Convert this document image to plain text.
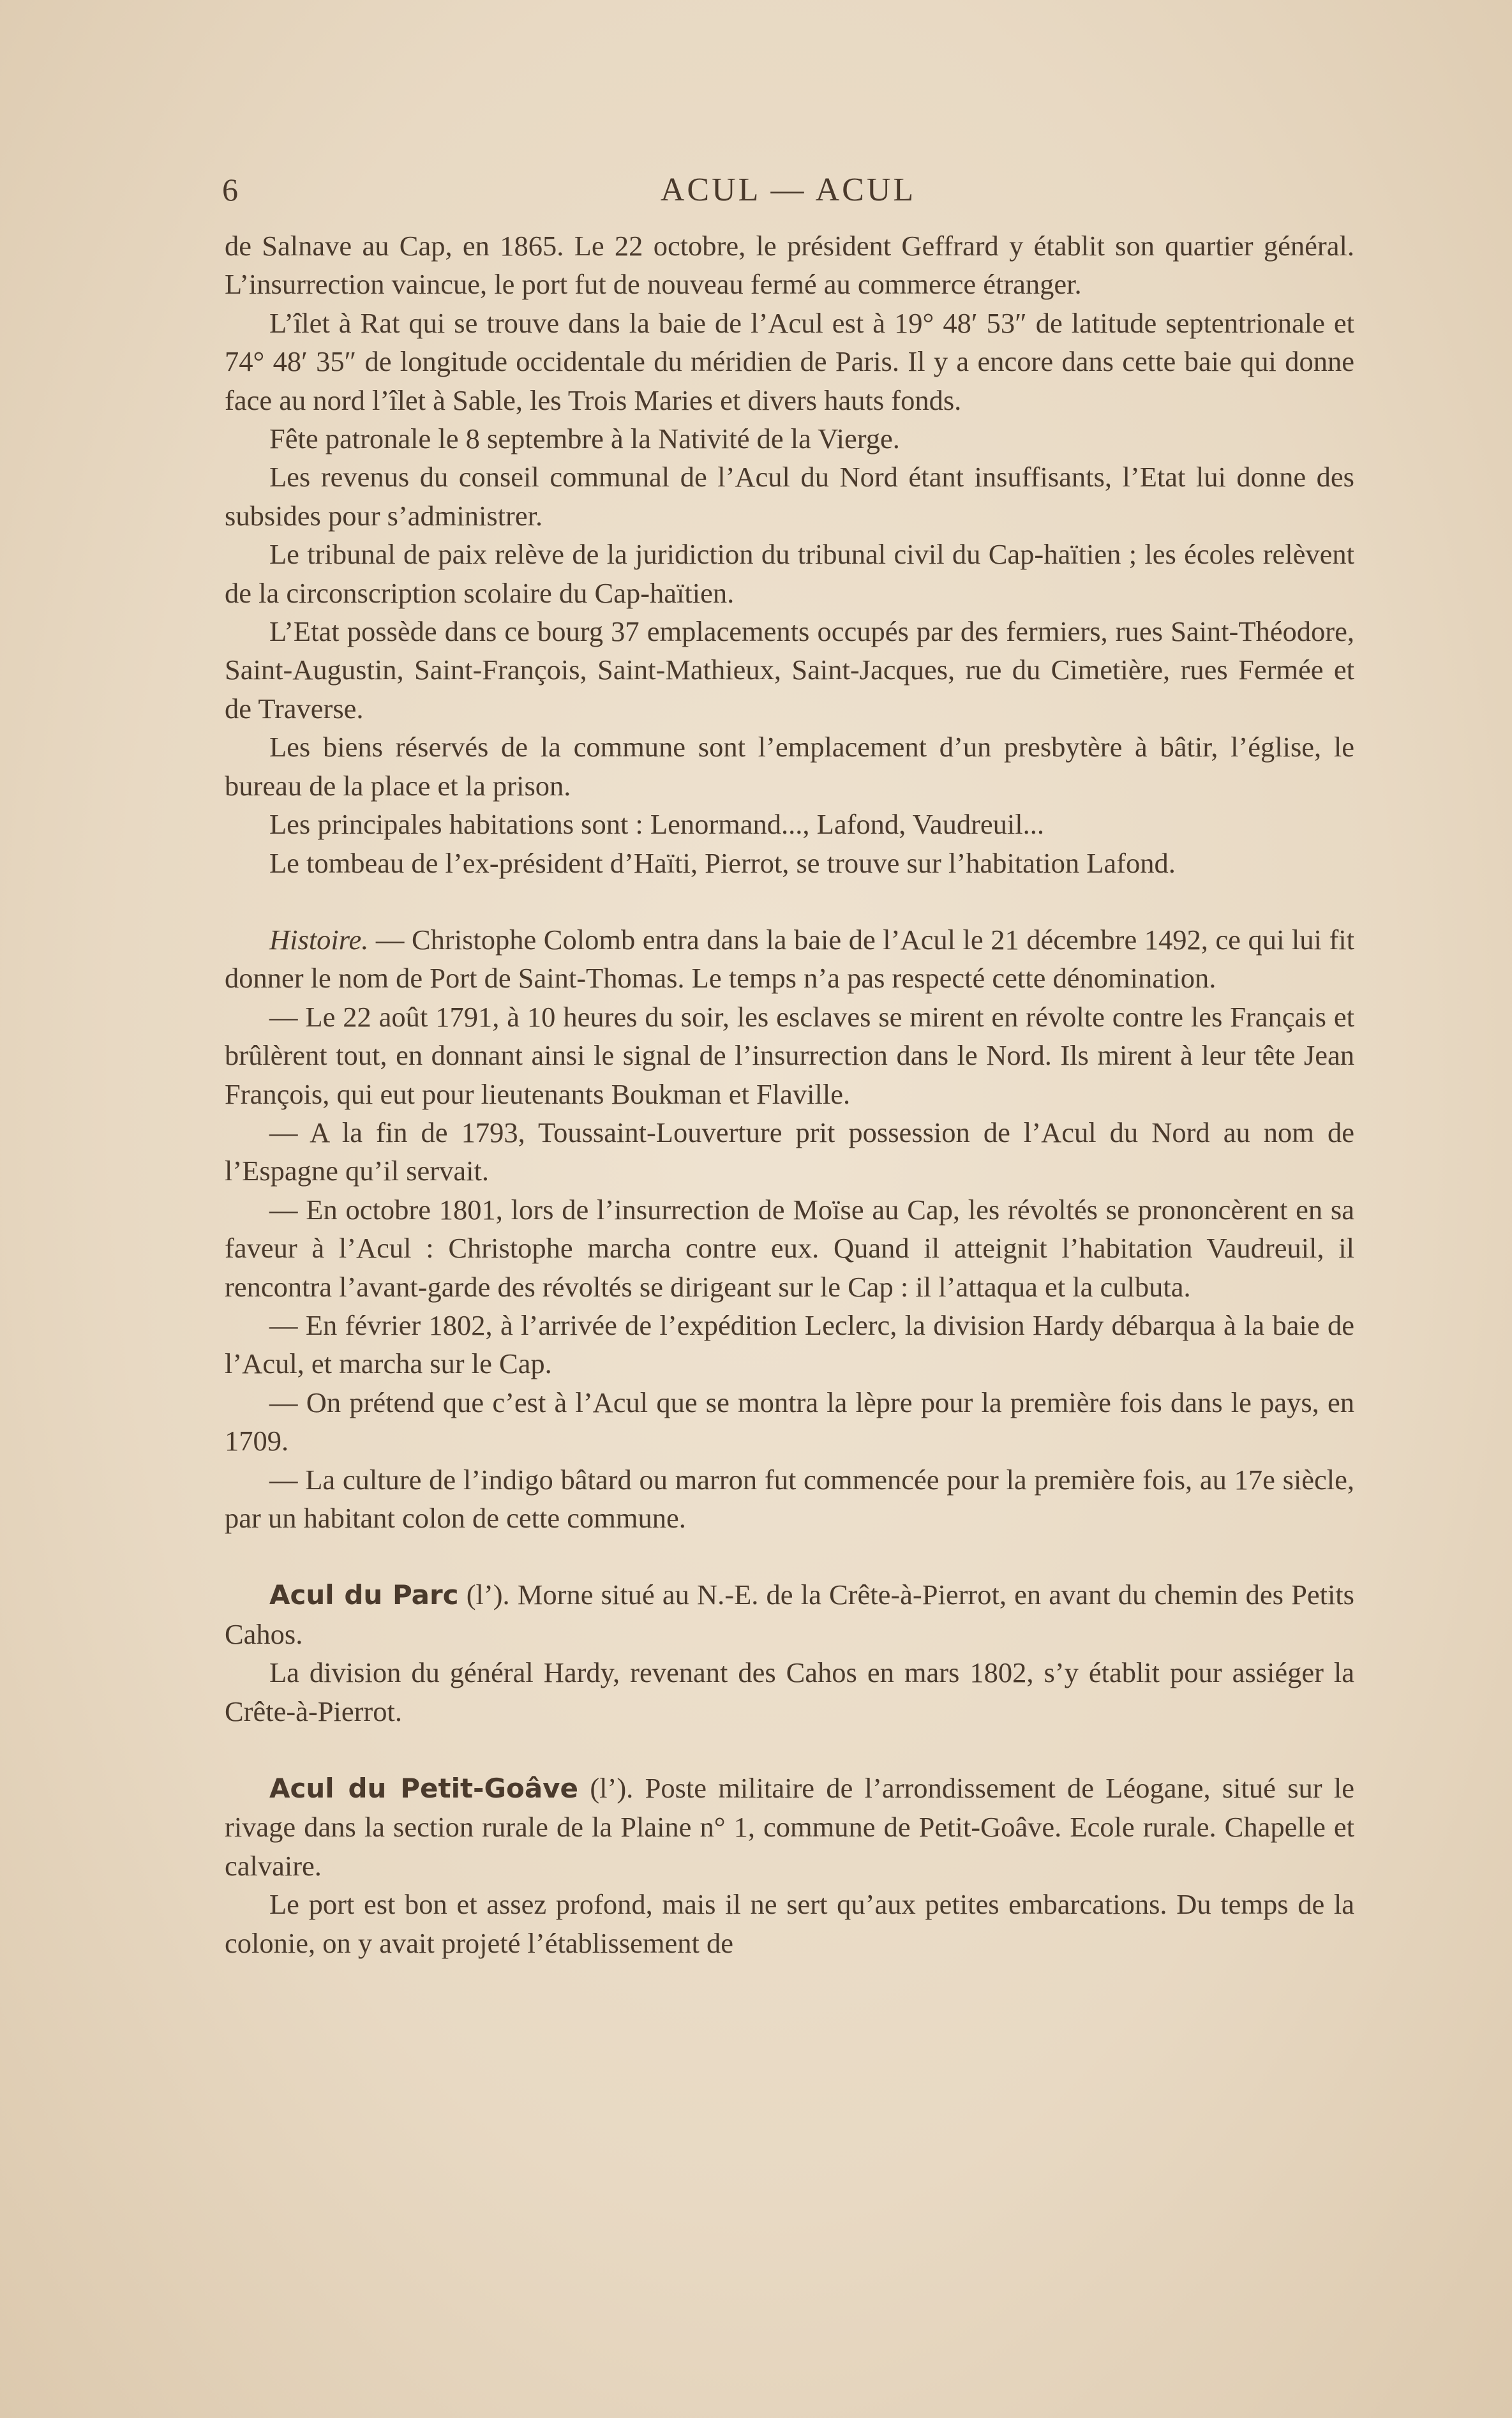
6	ACUL — ACUL

de Salnave au Cap, en 1865. Le 22 octobre, le président Geffrard y établit son quartier général. L’insurrection vaincue, le port fut de nouveau fermé au commerce étranger.

L’îlet à Rat qui se trouve dans la baie de l’Acul est à 19° 48′ 53″ de latitude septentrionale et 74° 48′ 35″ de longitude occidentale du méridien de Paris. Il y a encore dans cette baie qui donne face au nord l’îlet à Sable, les Trois Maries et divers hauts fonds.

Fête patronale le 8 septembre à la Nativité de la Vierge.

Les revenus du conseil communal de l’Acul du Nord étant insuffisants, l’Etat lui donne des subsides pour s’administrer.

Le tribunal de paix relève de la juridiction du tribunal civil du Cap-haïtien ; les écoles relèvent de la circonscription scolaire du Cap-haïtien.

L’Etat possède dans ce bourg 37 emplacements occupés par des fermiers, rues Saint-Théodore, Saint-Augustin, Saint-François, Saint-Mathieux, Saint-Jacques, rue du Cimetière, rues Fermée et de Traverse.

Les biens réservés de la commune sont l’emplacement d’un presbytère à bâtir, l’église, le bureau de la place et la prison.

Les principales habitations sont : Lenormand..., Lafond, Vaudreuil...

Le tombeau de l’ex-président d’Haïti, Pierrot, se trouve sur l’habitation Lafond.

Histoire. — Christophe Colomb entra dans la baie de l’Acul le 21 décembre 1492, ce qui lui fit donner le nom de Port de Saint-Thomas. Le temps n’a pas respecté cette dénomination.

— Le 22 août 1791, à 10 heures du soir, les esclaves se mirent en révolte contre les Français et brûlèrent tout, en donnant ainsi le signal de l’insurrection dans le Nord. Ils mirent à leur tête Jean François, qui eut pour lieutenants Boukman et Flaville.

— A la fin de 1793, Toussaint-Louverture prit possession de l’Acul du Nord au nom de l’Espagne qu’il servait.

— En octobre 1801, lors de l’insurrection de Moïse au Cap, les révoltés se prononcèrent en sa faveur à l’Acul : Christophe marcha contre eux. Quand il atteignit l’habitation Vaudreuil, il rencontra l’avant-garde des révoltés se dirigeant sur le Cap : il l’attaqua et la culbuta.

— En février 1802, à l’arrivée de l’expédition Leclerc, la division Hardy débarqua à la baie de l’Acul, et marcha sur le Cap.

— On prétend que c’est à l’Acul que se montra la lèpre pour la première fois dans le pays, en 1709.

— La culture de l’indigo bâtard ou marron fut commencée pour la première fois, au 17e siècle, par un habitant colon de cette commune.

Acul du Parc (l’). Morne situé au N.-E. de la Crête-à-Pierrot, en avant du chemin des Petits Cahos.

La division du général Hardy, revenant des Cahos en mars 1802, s’y établit pour assiéger la Crête-à-Pierrot.

Acul du Petit-Goâve (l’). Poste militaire de l’arrondissement de Léogane, situé sur le rivage dans la section rurale de la Plaine n° 1, commune de Petit-Goâve. Ecole rurale. Chapelle et calvaire.

Le port est bon et assez profond, mais il ne sert qu’aux petites embarcations. Du temps de la colonie, on y avait projeté l’établissement de
